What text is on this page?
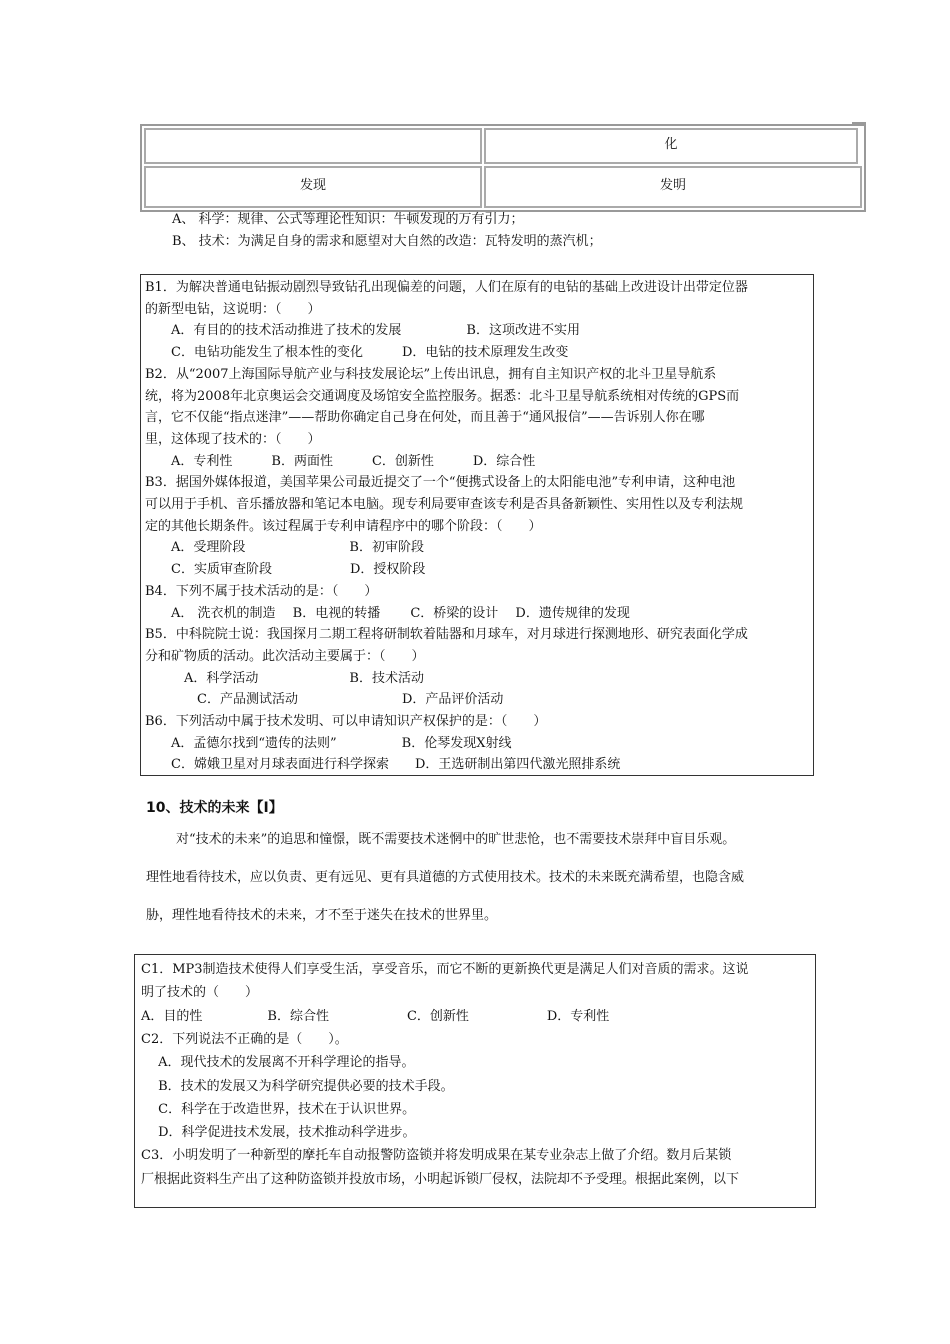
化
发现	发明
A、 科学：规律、公式等理论性知识：牛顿发现的万有引力；
B、 技术：为满足自身的需求和愿望对大自然的改造：瓦特发明的蒸汽机；
B1．为解决普通电钻振动剧烈导致钻孔出现偏差的问题，人们在原有的电钻的基础上改进设计出带定位器
的新型电钻，这说明：（　　）
　　A．有目的的技术活动推进了技术的发展　　　　　B．这项改进不实用
　　C．电钻功能发生了根本性的变化　　　D．电钻的技术原理发生改变
B2．从“2007上海国际导航产业与科技发展论坛”上传出讯息，拥有自主知识产权的北斗卫星导航系
统，将为2008年北京奥运会交通调度及场馆安全监控服务。据悉：北斗卫星导航系统相对传统的GPS而
言，它不仅能“指点迷津”——帮助你确定自己身在何处，而且善于“通风报信”——告诉别人你在哪
里，这体现了技术的：（　　）
　　A．专利性　　　B．两面性　　　C．创新性　　　D．综合性
B3．据国外媒体报道，美国苹果公司最近提交了一个“便携式设备上的太阳能电池”专利申请，这种电池
可以用于手机、音乐播放器和笔记本电脑。现专利局要审查该专利是否具备新颖性、实用性以及专利法规
定的其他长期条件。该过程属于专利申请程序中的哪个阶段：（　　）
　　A．受理阶段　　　　　　　　B．初审阶段
　　C．实质审查阶段　　　　　　D．授权阶段
B4．下列不属于技术活动的是：（　　）
　　A． 洗衣机的制造　 B．电视的转播　　 C．桥梁的设计　 D．遗传规律的发现
B5．中科院院士说：我国探月二期工程将研制软着陆器和月球车，对月球进行探测地形、研究表面化学成
分和矿物质的活动。此次活动主要属于：（　　）
　　　A．科学活动　　　　　　　B．技术活动
　　　　C．产品测试活动　　　　　　　　D．产品评价活动
B6．下列活动中属于技术发明、可以申请知识产权保护的是：（　　）
　　A．孟德尔找到“遗传的法则”　　　　　B．伦琴发现X射线
　　C．嫦娥卫星对月球表面进行科学探索　　D．王选研制出第四代激光照排系统
10、技术的未来【I】
对“技术的未来”的追思和憧憬，既不需要技术迷惘中的旷世悲怆，也不需要技术崇拜中盲目乐观。
理性地看待技术，应以负责、更有远见、更有具道德的方式使用技术。技术的未来既充满希望，也隐含威
胁，理性地看待技术的未来，才不至于迷失在技术的世界里。
C1．MP3制造技术使得人们享受生活，享受音乐，而它不断的更新换代更是满足人们对音质的需求。这说
明了技术的（　　）
A．目的性　　　　　B．综合性　　　　　　C．创新性　　　　　　D．专利性
C2．下列说法不正确的是（　　）。
　 A．现代技术的发展离不开科学理论的指导。
　 B．技术的发展又为科学研究提供必要的技术手段。
　 C．科学在于改造世界，技术在于认识世界。
　 D．科学促进技术发展，技术推动科学进步。
C3．小明发明了一种新型的摩托车自动报警防盗锁并将发明成果在某专业杂志上做了介绍。数月后某锁
厂根据此资料生产出了这种防盗锁并投放市场，小明起诉锁厂侵权，法院却不予受理。根据此案例，以下
